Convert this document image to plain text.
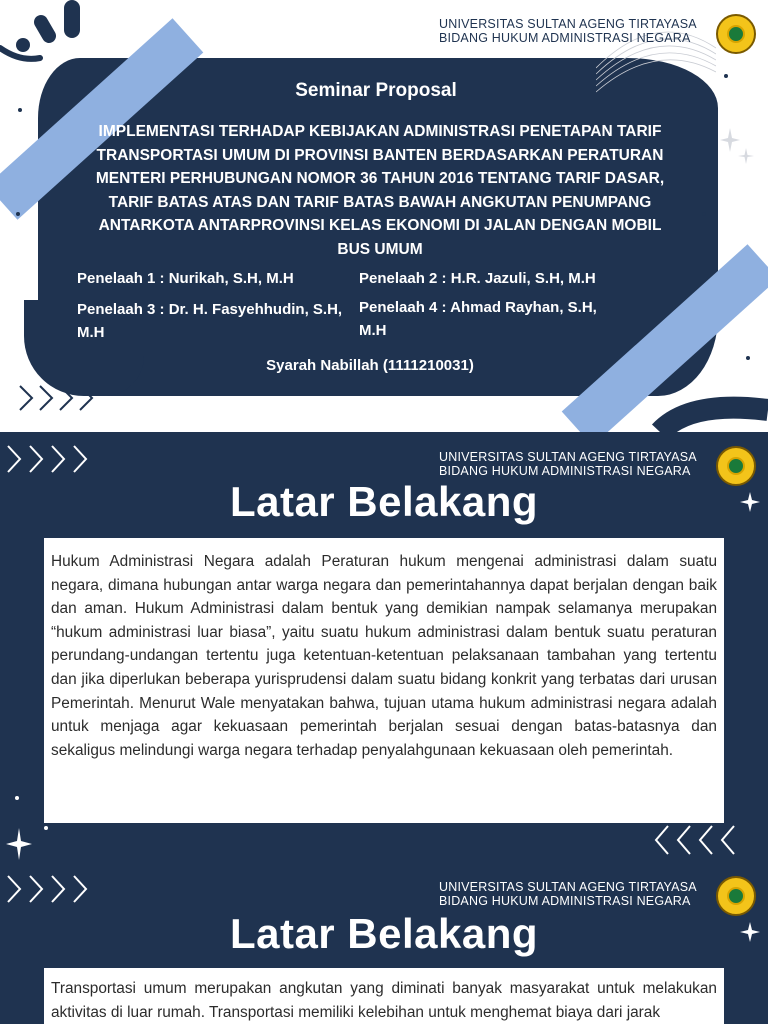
UNIVERSITAS SULTAN AGENG TIRTAYASA
BIDANG HUKUM ADMINISTRASI NEGARA
Seminar Proposal
IMPLEMENTASI TERHADAP KEBIJAKAN ADMINISTRASI PENETAPAN TARIF TRANSPORTASI UMUM DI PROVINSI BANTEN BERDASARKAN PERATURAN MENTERI PERHUBUNGAN NOMOR 36 TAHUN 2016 TENTANG TARIF DASAR, TARIF BATAS ATAS DAN TARIF BATAS BAWAH ANGKUTAN PENUMPANG ANTARKOTA ANTARPROVINSI KELAS EKONOMI DI JALAN DENGAN MOBIL BUS UMUM
Penelaah 1 : Nurikah, S.H, M.H	Penelaah 2 : H.R. Jazuli, S.H, M.H
Penelaah 3 : Dr. H. Fasyehhudin, S.H, M.H
Penelaah 4 : Ahmad Rayhan, S.H, M.H
Syarah Nabillah (1111210031)
UNIVERSITAS SULTAN AGENG TIRTAYASA
BIDANG HUKUM ADMINISTRASI NEGARA
Latar Belakang
Hukum Administrasi Negara adalah Peraturan hukum mengenai administrasi dalam suatu negara, dimana hubungan antar warga negara dan pemerintahannya dapat berjalan dengan baik dan aman. Hukum Administrasi dalam bentuk yang demikian nampak selamanya merupakan “hukum administrasi luar biasa”, yaitu suatu hukum administrasi dalam bentuk suatu peraturan perundang-undangan tertentu juga ketentuan-ketentuan pelaksanaan tambahan yang tertentu dan jika diperlukan beberapa yurisprudensi dalam suatu bidang konkrit yang terbatas dari urusan Pemerintah. Menurut Wale menyatakan bahwa, tujuan utama hukum administrasi negara adalah untuk menjaga agar kekuasaan pemerintah berjalan sesuai dengan batas-batasnya dan sekaligus melindungi warga negara terhadap penyalahgunaan kekuasaan oleh pemerintah.
UNIVERSITAS SULTAN AGENG TIRTAYASA
BIDANG HUKUM ADMINISTRASI NEGARA
Latar Belakang
Transportasi umum merupakan angkutan yang diminati banyak masyarakat untuk melakukan aktivitas di luar rumah. Transportasi memiliki kelebihan untuk menghemat biaya dari jarak
